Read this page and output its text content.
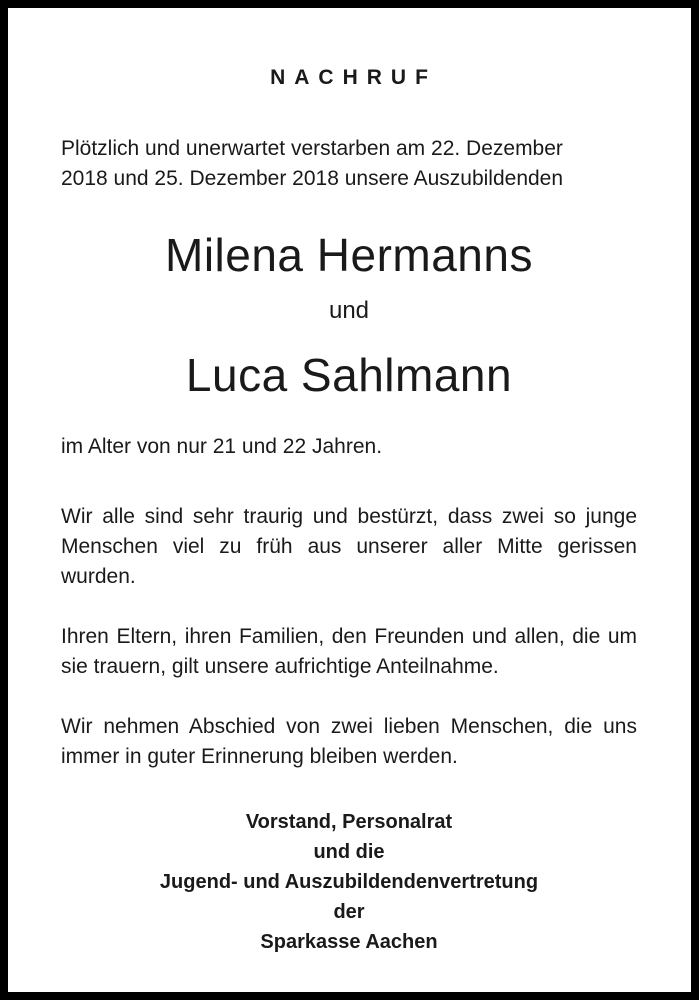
NACHRUF
Plötzlich und unerwartet verstarben am 22. Dezember
2018 und 25. Dezember 2018 unsere Auszubildenden
Milena Hermanns
und
Luca Sahlmann
im Alter von nur 21 und 22 Jahren.
Wir alle sind sehr traurig und bestürzt, dass zwei so junge Menschen viel zu früh aus unserer aller Mitte gerissen wurden.
Ihren Eltern, ihren Familien, den Freunden und allen, die um sie trauern, gilt unsere aufrichtige Anteilnahme.
Wir nehmen Abschied von zwei lieben Menschen, die uns immer in guter Erinnerung bleiben werden.
Vorstand, Personalrat
und die
Jugend- und Auszubildendenvertretung
der
Sparkasse Aachen
